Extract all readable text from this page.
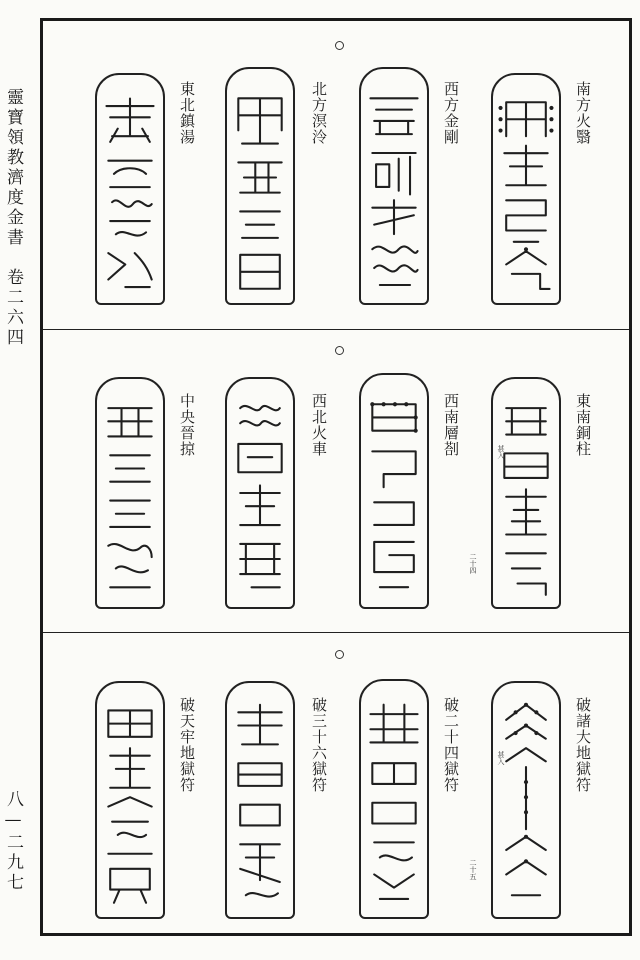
靈寶領教濟度金書　卷二六四
八—二九七
南方火翳
西方金剛
北方溟泠
東北鎮湯
東南銅柱
西南層剳	甚入
二十四
西北火車
中央晉掠
破諸大地獄符
破二十四獄符	甚入
二十五
破三十六獄符
破天牢地獄符
